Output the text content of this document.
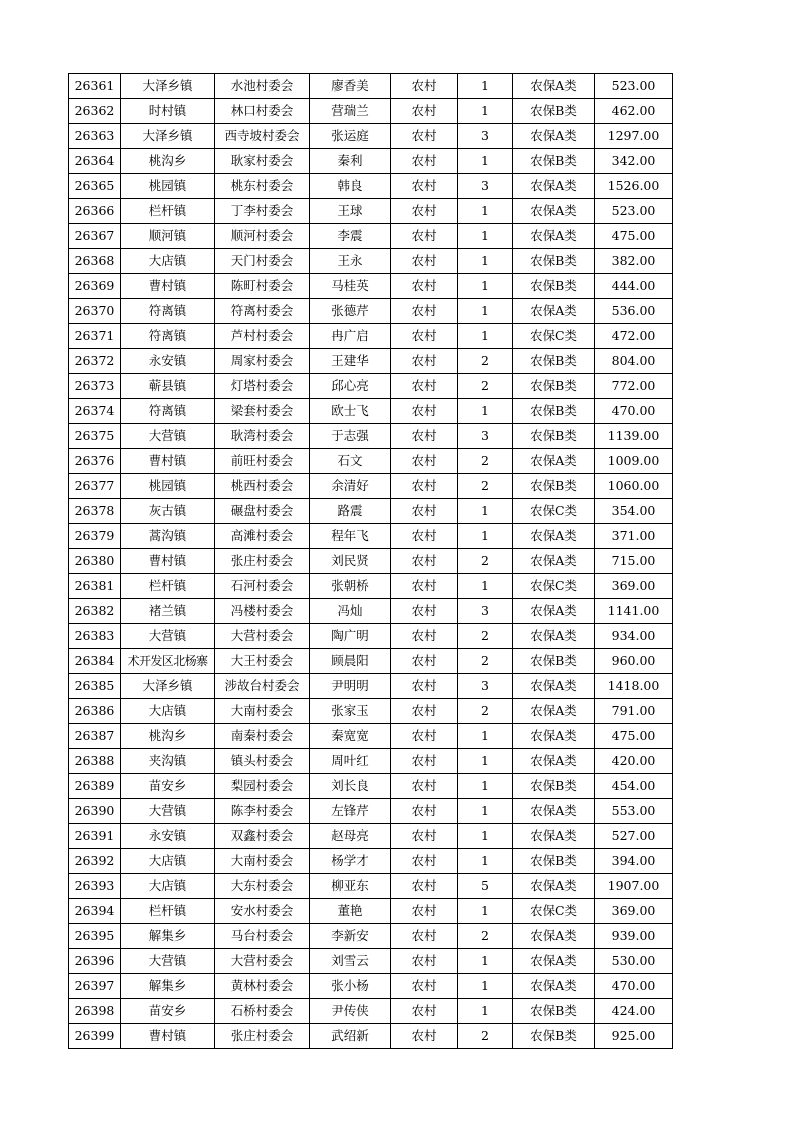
26361	大泽乡镇	水池村委会	廖香美	农村	1	农保A类	523.00
26362	时村镇	林口村委会	营瑞兰	农村	1	农保B类	462.00
26363	大泽乡镇	西寺坡村委会	张运庭	农村	3	农保A类	1297.00
26364	桃沟乡	耿家村委会	秦利	农村	1	农保B类	342.00
26365	桃园镇	桃东村委会	韩良	农村	3	农保A类	1526.00
26366	栏杆镇	丁李村委会	王球	农村	1	农保A类	523.00
26367	顺河镇	顺河村委会	李震	农村	1	农保A类	475.00
26368	大店镇	天门村委会	王永	农村	1	农保B类	382.00
26369	曹村镇	陈町村委会	马桂英	农村	1	农保B类	444.00
26370	符离镇	符离村委会	张德芹	农村	1	农保A类	536.00
26371	符离镇	芦村村委会	冉广启	农村	1	农保C类	472.00
26372	永安镇	周家村委会	王建华	农村	2	农保B类	804.00
26373	蕲县镇	灯塔村委会	邱心亮	农村	2	农保B类	772.00
26374	符离镇	梁套村委会	欧士飞	农村	1	农保B类	470.00
26375	大营镇	耿湾村委会	于志强	农村	3	农保B类	1139.00
26376	曹村镇	前旺村委会	石文	农村	2	农保A类	1009.00
26377	桃园镇	桃西村委会	余清好	农村	2	农保B类	1060.00
26378	灰古镇	碾盘村委会	路震	农村	1	农保C类	354.00
26379	蒿沟镇	高滩村委会	程年飞	农村	1	农保A类	371.00
26380	曹村镇	张庄村委会	刘民贤	农村	2	农保A类	715.00
26381	栏杆镇	石河村委会	张朝桥	农村	1	农保C类	369.00
26382	褚兰镇	冯楼村委会	冯灿	农村	3	农保A类	1141.00
26383	大营镇	大营村委会	陶广明	农村	2	农保A类	934.00
26384	术开发区北杨寨	大王村委会	顾晨阳	农村	2	农保B类	960.00
26385	大泽乡镇	涉故台村委会	尹明明	农村	3	农保A类	1418.00
26386	大店镇	大南村委会	张家玉	农村	2	农保A类	791.00
26387	桃沟乡	南秦村委会	秦宽宽	农村	1	农保A类	475.00
26388	夹沟镇	镇头村委会	周叶红	农村	1	农保A类	420.00
26389	苗安乡	梨园村委会	刘长良	农村	1	农保B类	454.00
26390	大营镇	陈李村委会	左锋芹	农村	1	农保A类	553.00
26391	永安镇	双鑫村委会	赵母亮	农村	1	农保A类	527.00
26392	大店镇	大南村委会	杨学才	农村	1	农保B类	394.00
26393	大店镇	大东村委会	柳亚东	农村	5	农保A类	1907.00
26394	栏杆镇	安水村委会	董艳	农村	1	农保C类	369.00
26395	解集乡	马台村委会	李新安	农村	2	农保A类	939.00
26396	大营镇	大营村委会	刘雪云	农村	1	农保A类	530.00
26397	解集乡	黄林村委会	张小杨	农村	1	农保A类	470.00
26398	苗安乡	石桥村委会	尹传侠	农村	1	农保B类	424.00
26399	曹村镇	张庄村委会	武绍新	农村	2	农保B类	925.00
